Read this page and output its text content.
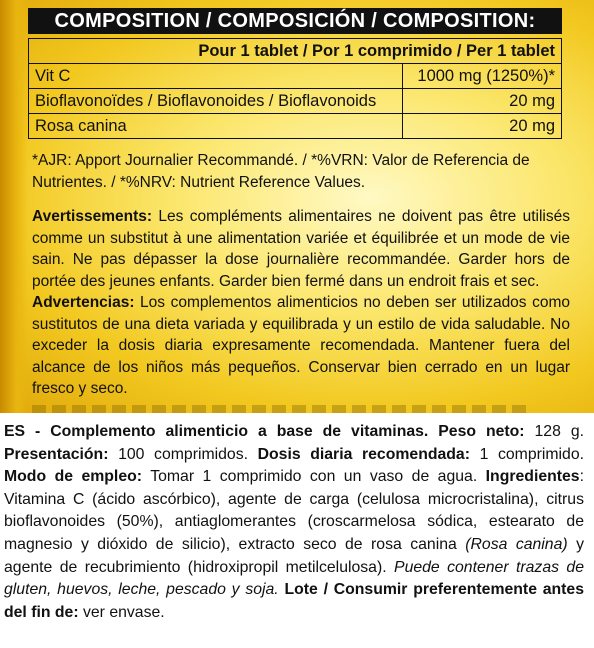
COMPOSITION / COMPOSICIÓN / COMPOSITION:
Pour 1 tablet / Por 1 comprimido / Per 1 tablet	
Vit C	1000 mg (1250%)*
Bioflavonoïdes / Bioflavonoides / Bioflavonoids	20 mg
Rosa canina	20 mg
*AJR: Apport Journalier Recommandé. / *%VRN: Valor de Referencia de Nutrientes. / *%NRV: Nutrient Reference Values.

Avertissements: Les compléments alimentaires ne doivent pas être utilisés comme un substitut à une alimentation variée et équilibrée et un mode de vie sain. Ne pas dépasser la dose journalière recommandée. Garder hors de portée des jeunes enfants. Garder bien fermé dans un endroit frais et sec.

Advertencias: Los complementos alimenticios no deben ser utilizados como sustitutos de una dieta variada y equilibrada y un estilo de vida saludable. No exceder la dosis diaria expresamente recomendada. Mantener fuera del alcance de los niños más pequeños. Conservar bien cerrado en un lugar fresco y seco.

ES - Complemento alimenticio a base de vitaminas. Peso neto: 128 g. Presentación: 100 comprimidos. Dosis diaria recomendada: 1 comprimido. Modo de empleo: Tomar 1 comprimido con un vaso de agua. Ingredientes: Vitamina C (ácido ascórbico), agente de carga (celulosa microcristalina), citrus bioflavonoides (50%), antiaglomerantes (croscarmelosa sódica, estearato de magnesio y dióxido de silicio), extracto seco de rosa canina (Rosa canina) y agente de recubrimiento (hidroxipropil metilcelulosa). Puede contener trazas de gluten, huevos, leche, pescado y soja. Lote / Consumir preferentemente antes del fin de: ver envase.
